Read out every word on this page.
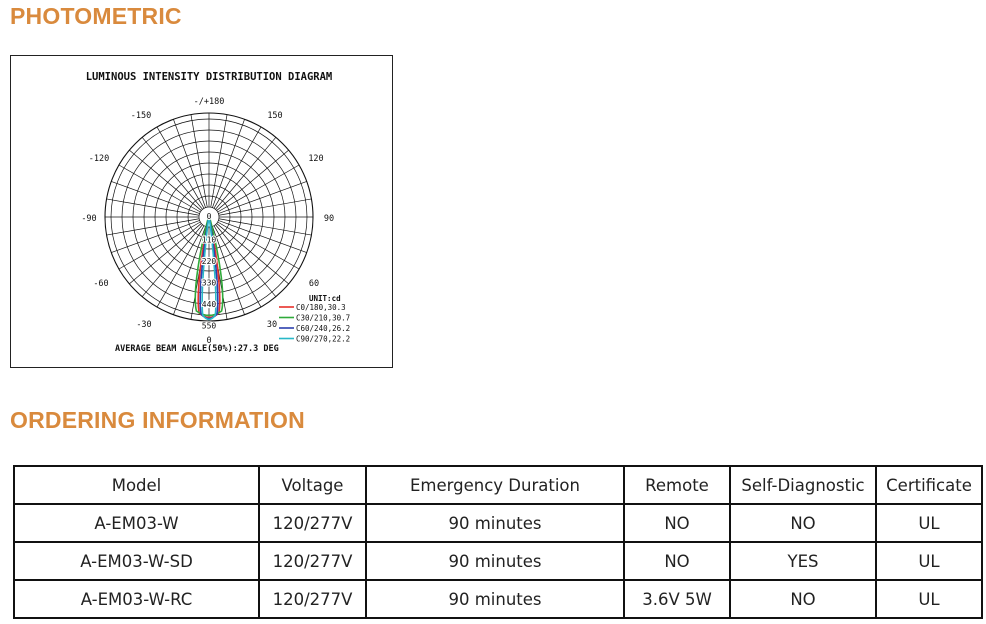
PHOTOMETRIC
LUMINOUS INTENSITY DISTRIBUTION DIAGRAM
-/+180
-150	150
-120	120
-90	90
-60	60
-30	30
0
0
110
220
330
440
550
UNIT:cd
C0/180,30.3
C30/210,30.7
C60/240,26.2
C90/270,22.2
AVERAGE BEAM ANGLE(50%):27.3 DEG
ORDERING INFORMATION
Model	Voltage	Emergency Duration	Remote	Self-Diagnostic	Certificate
A-EM03-W	120/277V	90 minutes	NO	NO	UL
A-EM03-W-SD	120/277V	90 minutes	NO	YES	UL
A-EM03-W-RC	120/277V	90 minutes	3.6V 5W	NO	UL
